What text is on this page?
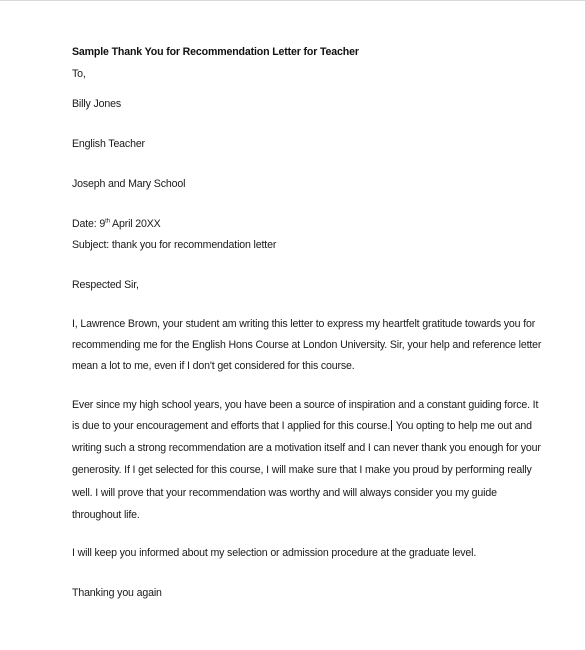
Sample Thank You for Recommendation Letter for Teacher
To,
Billy Jones
English Teacher
Joseph and Mary School
Date: 9th April 20XX
Subject: thank you for recommendation letter
Respected Sir,
I, Lawrence Brown, your student am writing this letter to express my heartfelt gratitude towards you for
recommending me for the English Hons Course at London University. Sir, your help and reference letter
mean a lot to me, even if I don't get considered for this course.
Ever since my high school years, you have been a source of inspiration and a constant guiding force. It
is due to your encouragement and efforts that I applied for this course. You opting to help me out and
writing such a strong recommendation are a motivation itself and I can never thank you enough for your
generosity. If I get selected for this course, I will make sure that I make you proud by performing really
well. I will prove that your recommendation was worthy and will always consider you my guide
throughout life.
I will keep you informed about my selection or admission procedure at the graduate level.
Thanking you again
